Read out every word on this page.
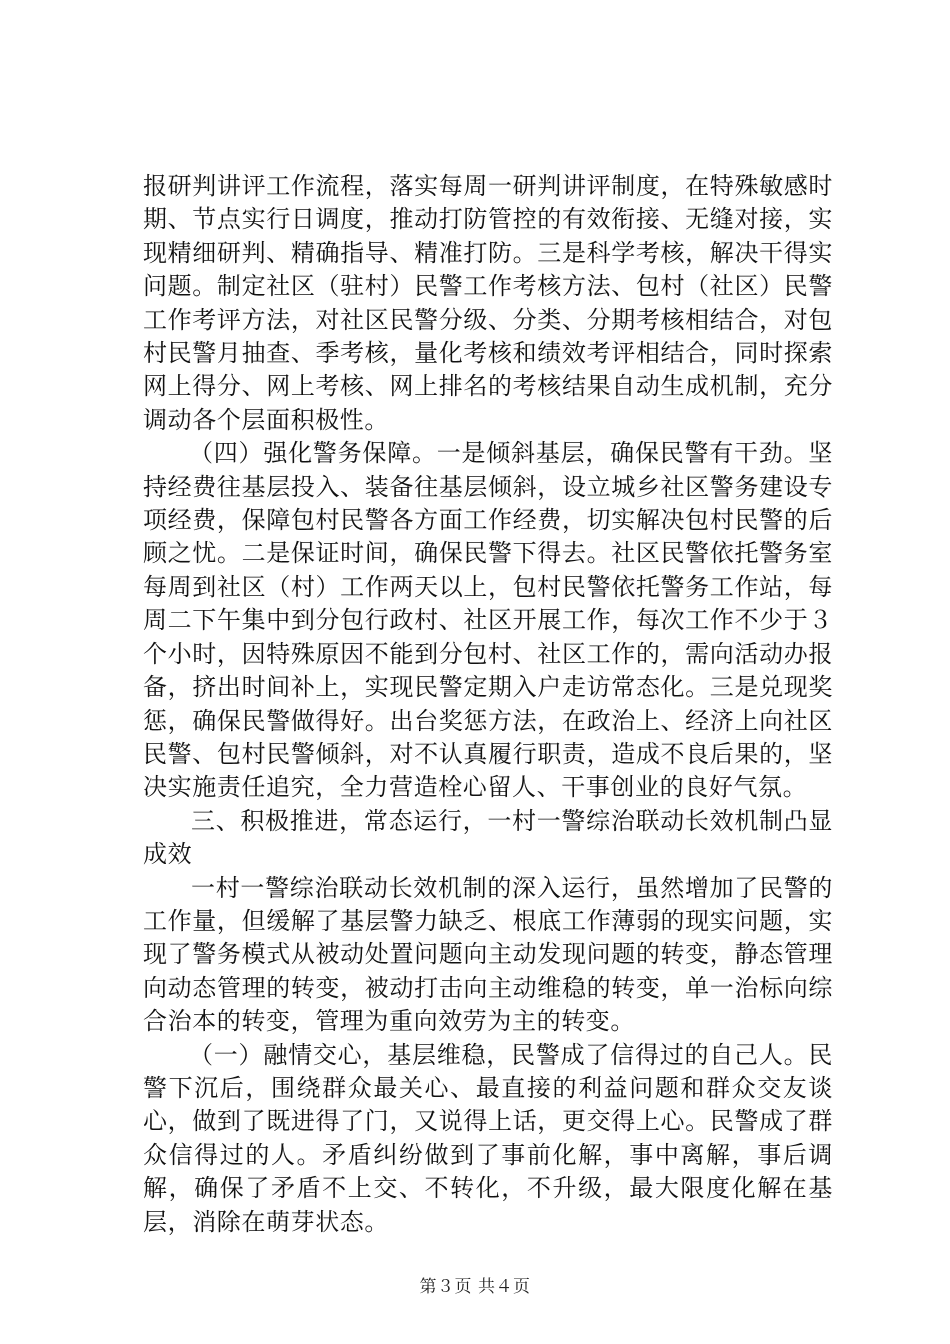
报研判讲评工作流程，落实每周一研判讲评制度，在特殊敏感时期、节点实行日调度，推动打防管控的有效衔接、无缝对接，实现精细研判、精确指导、精准打防。三是科学考核，解决干得实问题。制定社区（驻村）民警工作考核方法、包村（社区）民警工作考评方法，对社区民警分级、分类、分期考核相结合，对包村民警月抽查、季考核，量化考核和绩效考评相结合，同时探索网上得分、网上考核、网上排名的考核结果自动生成机制，充分调动各个层面积极性。

（四）强化警务保障。一是倾斜基层，确保民警有干劲。坚持经费往基层投入、装备往基层倾斜，设立城乡社区警务建设专项经费，保障包村民警各方面工作经费，切实解决包村民警的后顾之忧。二是保证时间，确保民警下得去。社区民警依托警务室每周到社区（村）工作两天以上，包村民警依托警务工作站，每周二下午集中到分包行政村、社区开展工作，每次工作不少于３个小时，因特殊原因不能到分包村、社区工作的，需向活动办报备，挤出时间补上，实现民警定期入户走访常态化。三是兑现奖惩，确保民警做得好。出台奖惩方法，在政治上、经济上向社区民警、包村民警倾斜，对不认真履行职责，造成不良后果的，坚决实施责任追究，全力营造栓心留人、干事创业的良好气氛。

三、积极推进，常态运行，一村一警综治联动长效机制凸显成效

一村一警综治联动长效机制的深入运行，虽然增加了民警的工作量，但缓解了基层警力缺乏、根底工作薄弱的现实问题，实现了警务模式从被动处置问题向主动发现问题的转变，静态管理向动态管理的转变，被动打击向主动维稳的转变，单一治标向综合治本的转变，管理为重向效劳为主的转变。

（一）融情交心，基层维稳，民警成了信得过的自己人。民警下沉后，围绕群众最关心、最直接的利益问题和群众交友谈心，做到了既进得了门，又说得上话，更交得上心。民警成了群众信得过的人。矛盾纠纷做到了事前化解，事中离解，事后调解，确保了矛盾不上交、不转化，不升级，最大限度化解在基层，消除在萌芽状态。

第３页 共４页
